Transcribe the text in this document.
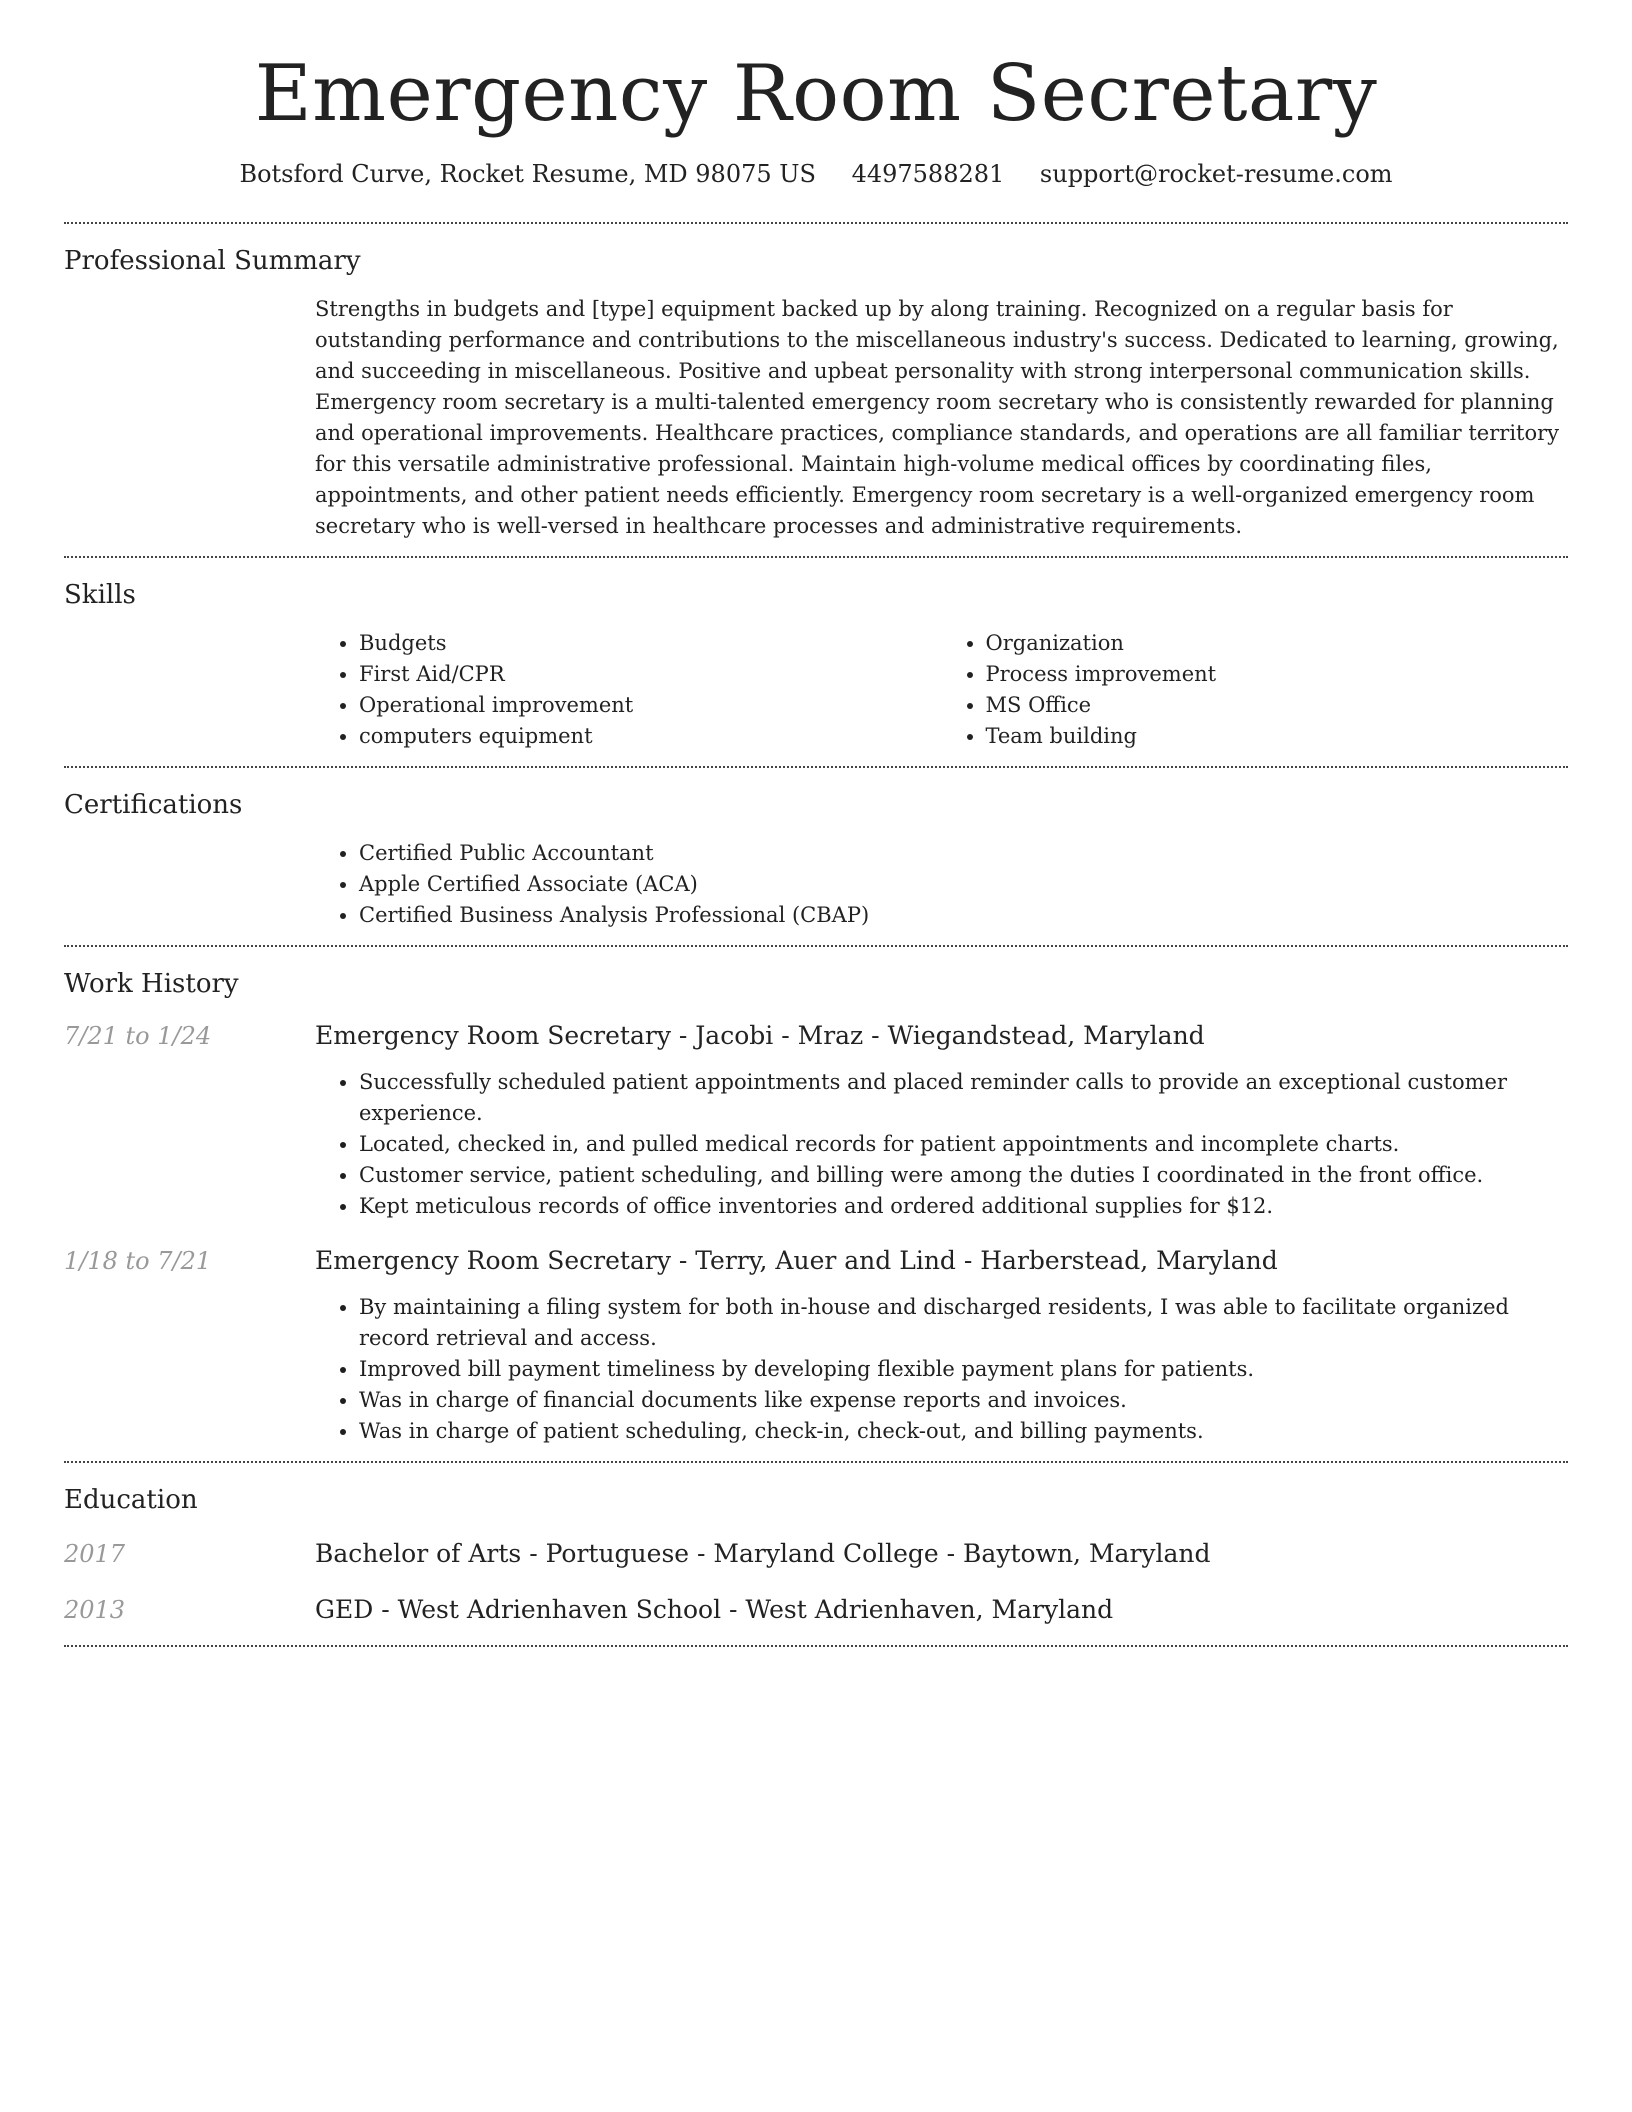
Emergency Room Secretary
Botsford Curve, Rocket Resume, MD 98075 US 4497588281 support@rocket-resume.com
Professional Summary
Strengths in budgets and [type] equipment backed up by along training. Recognized on a regular basis for outstanding performance and contributions to the miscellaneous industry's success. Dedicated to learning, growing, and succeeding in miscellaneous. Positive and upbeat personality with strong interpersonal communication skills. Emergency room secretary is a multi-talented emergency room secretary who is consistently rewarded for planning and operational improvements. Healthcare practices, compliance standards, and operations are all familiar territory for this versatile administrative professional. Maintain high-volume medical offices by coordinating files, appointments, and other patient needs efficiently. Emergency room secretary is a well-organized emergency room secretary who is well-versed in healthcare processes and administrative requirements.
Skills
• Budgets
• First Aid/CPR
• Operational improvement
• computers equipment
• Organization
• Process improvement
• MS Office
• Team building
Certifications
• Certified Public Accountant
• Apple Certified Associate (ACA)
• Certified Business Analysis Professional (CBAP)
Work History
7/21 to 1/24	Emergency Room Secretary - Jacobi - Mraz - Wiegandstead, Maryland
• Successfully scheduled patient appointments and placed reminder calls to provide an exceptional customer experience.
• Located, checked in, and pulled medical records for patient appointments and incomplete charts.
• Customer service, patient scheduling, and billing were among the duties I coordinated in the front office.
• Kept meticulous records of office inventories and ordered additional supplies for $12.
1/18 to 7/21	Emergency Room Secretary - Terry, Auer and Lind - Harberstead, Maryland
• By maintaining a filing system for both in-house and discharged residents, I was able to facilitate organized record retrieval and access.
• Improved bill payment timeliness by developing flexible payment plans for patients.
• Was in charge of financial documents like expense reports and invoices.
• Was in charge of patient scheduling, check-in, check-out, and billing payments.
Education
2017	Bachelor of Arts - Portuguese - Maryland College - Baytown, Maryland
2013	GED - West Adrienhaven School - West Adrienhaven, Maryland
